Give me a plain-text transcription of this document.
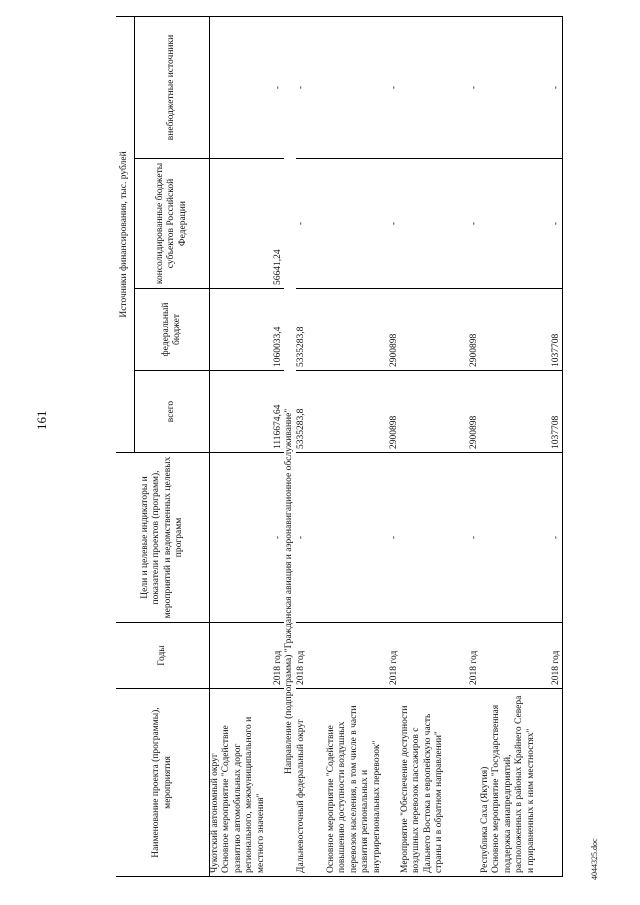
161
Наименование проекта (программы), мероприятия	Годы	Цели и целевые индикаторы и показатели проектов (программ), мероприятий и ведомственных целевых программ	Источники финансирования, тыс. рублей			

			всего	федеральный бюджет	консолидированные бюджеты субъектов Российской Федерации	внебюджетные источники
Чукотский автономный округ
Основное мероприятие "Содействие развитию автомобильных дорог регионального, межмуниципального и местного значения"	2018 год	-	1116674,64	1060033,4	56641,24	-
Направление (подпрограмма) "Гражданская авиация и аэронавигационное обслуживание"						
Дальневосточный федеральный округ	2018 год	-	5335283,8	5335283,8	-	-
Основное мероприятие "Содействие повышению доступности воздушных перевозок населения, в том числе в части развития региональных и внутрирегиональных перевозок"	2018 год	-	2900898	2900898	-	-
Мероприятие "Обеспечение доступности воздушных перевозок пассажиров с Дальнего Востока в европейскую часть страны и в обратном направлении"	2018 год	-	2900898	2900898	-	-
Республика Саха (Якутия)
Основное мероприятие "Государственная поддержка авиапредприятий, расположенных в районах Крайнего Севера и приравненных к ним местностях"	2018 год	-	1037708	1037708	-	-
4044325.doc
